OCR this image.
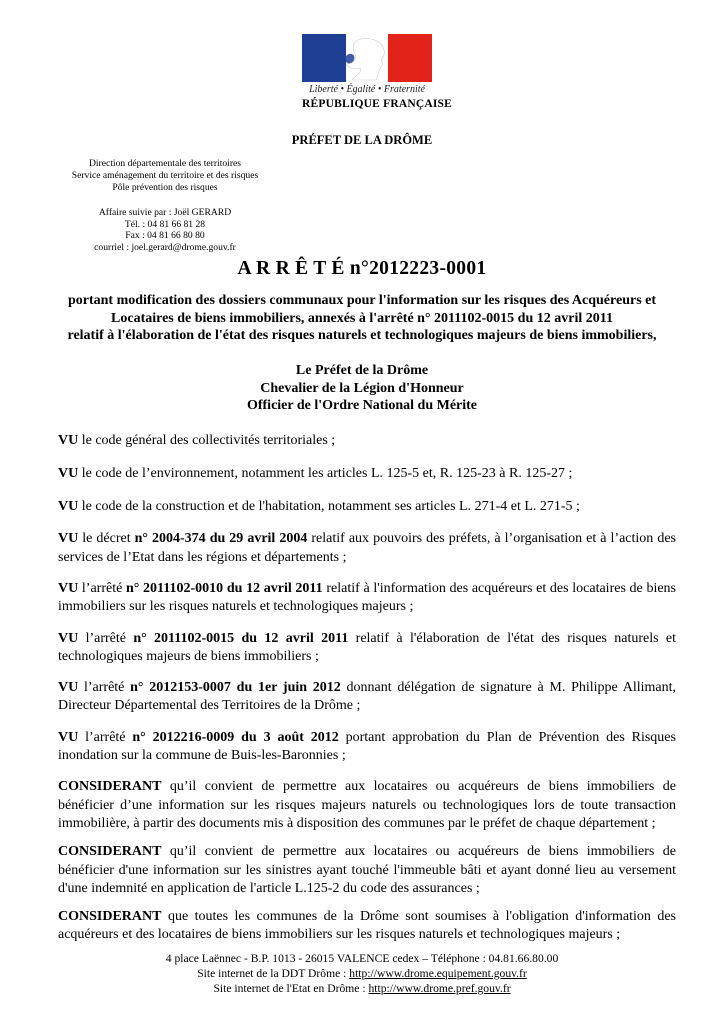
Liberté • Égalité • Fraternité
RÉPUBLIQUE FRANÇAISE
PRÉFET DE LA DRÔME

Direction départementale des territoires

Service aménagement du territoire et des risques

Pôle prévention des risques

Affaire suivie par : Joël GERARD

Tél. : 04 81 66 81 28

Fax : 04 81 66 80 80

courriel : joel.gerard@drome.gouv.fr

A R R Ê T É n°2012223-0001

portant modification des dossiers communaux pour l'information sur les risques des Acquéreurs et

Locataires de biens immobiliers, annexés à l'arrêté n° 2011102-0015 du 12 avril 2011

relatif à l'élaboration de l'état des risques naturels et technologiques majeurs de biens immobiliers,

Le Préfet de la Drôme

Chevalier de la Légion d'Honneur

Officier de l'Ordre National du Mérite

VU le code général des collectivités territoriales ;

VU le code de l’environnement, notamment les articles L. 125-5 et, R. 125-23 à R. 125-27 ;

VU le code de la construction et de l'habitation, notamment ses articles L. 271-4 et L. 271-5 ;

VU le décret n° 2004-374 du 29 avril 2004 relatif aux pouvoirs des préfets, à l’organisation et à l’action des services de l’Etat dans les régions et départements ;

VU l’arrêté n° 2011102-0010 du 12 avril 2011 relatif à l'information des acquéreurs et des locataires de biens immobiliers sur les risques naturels et technologiques majeurs ;

VU l’arrêté n° 2011102-0015 du 12 avril 2011 relatif à l'élaboration de l'état des risques naturels et technologiques majeurs de biens immobiliers ;

VU l’arrêté n° 2012153-0007 du 1er juin 2012 donnant délégation de signature à M. Philippe Allimant, Directeur Départemental des Territoires de la Drôme ;

VU l’arrêté n° 2012216-0009 du 3 août 2012 portant approbation du Plan de Prévention des Risques inondation sur la commune de Buis-les-Baronnies ;

CONSIDERANT qu’il convient de permettre aux locataires ou acquéreurs de biens immobiliers de bénéficier d’une information sur les risques majeurs naturels ou technologiques lors de toute transaction immobilière, à partir des documents mis à disposition des communes par le préfet de chaque département ;

CONSIDERANT qu’il convient de permettre aux locataires ou acquéreurs de biens immobiliers de bénéficier d'une information sur les sinistres ayant touché l'immeuble bâti et ayant donné lieu au versement d'une indemnité en application de l'article L.125-2 du code des assurances ;

CONSIDERANT que toutes les communes de la Drôme sont soumises à l'obligation d'information des acquéreurs et des locataires de biens immobiliers sur les risques naturels et technologiques majeurs ;

4 place Laënnec - B.P. 1013 - 26015 VALENCE cedex – Téléphone : 04.81.66.80.00

Site internet de la DDT Drôme : http://www.drome.equipement.gouv.fr

Site internet de l'Etat en Drôme : http://www.drome.pref.gouv.fr
